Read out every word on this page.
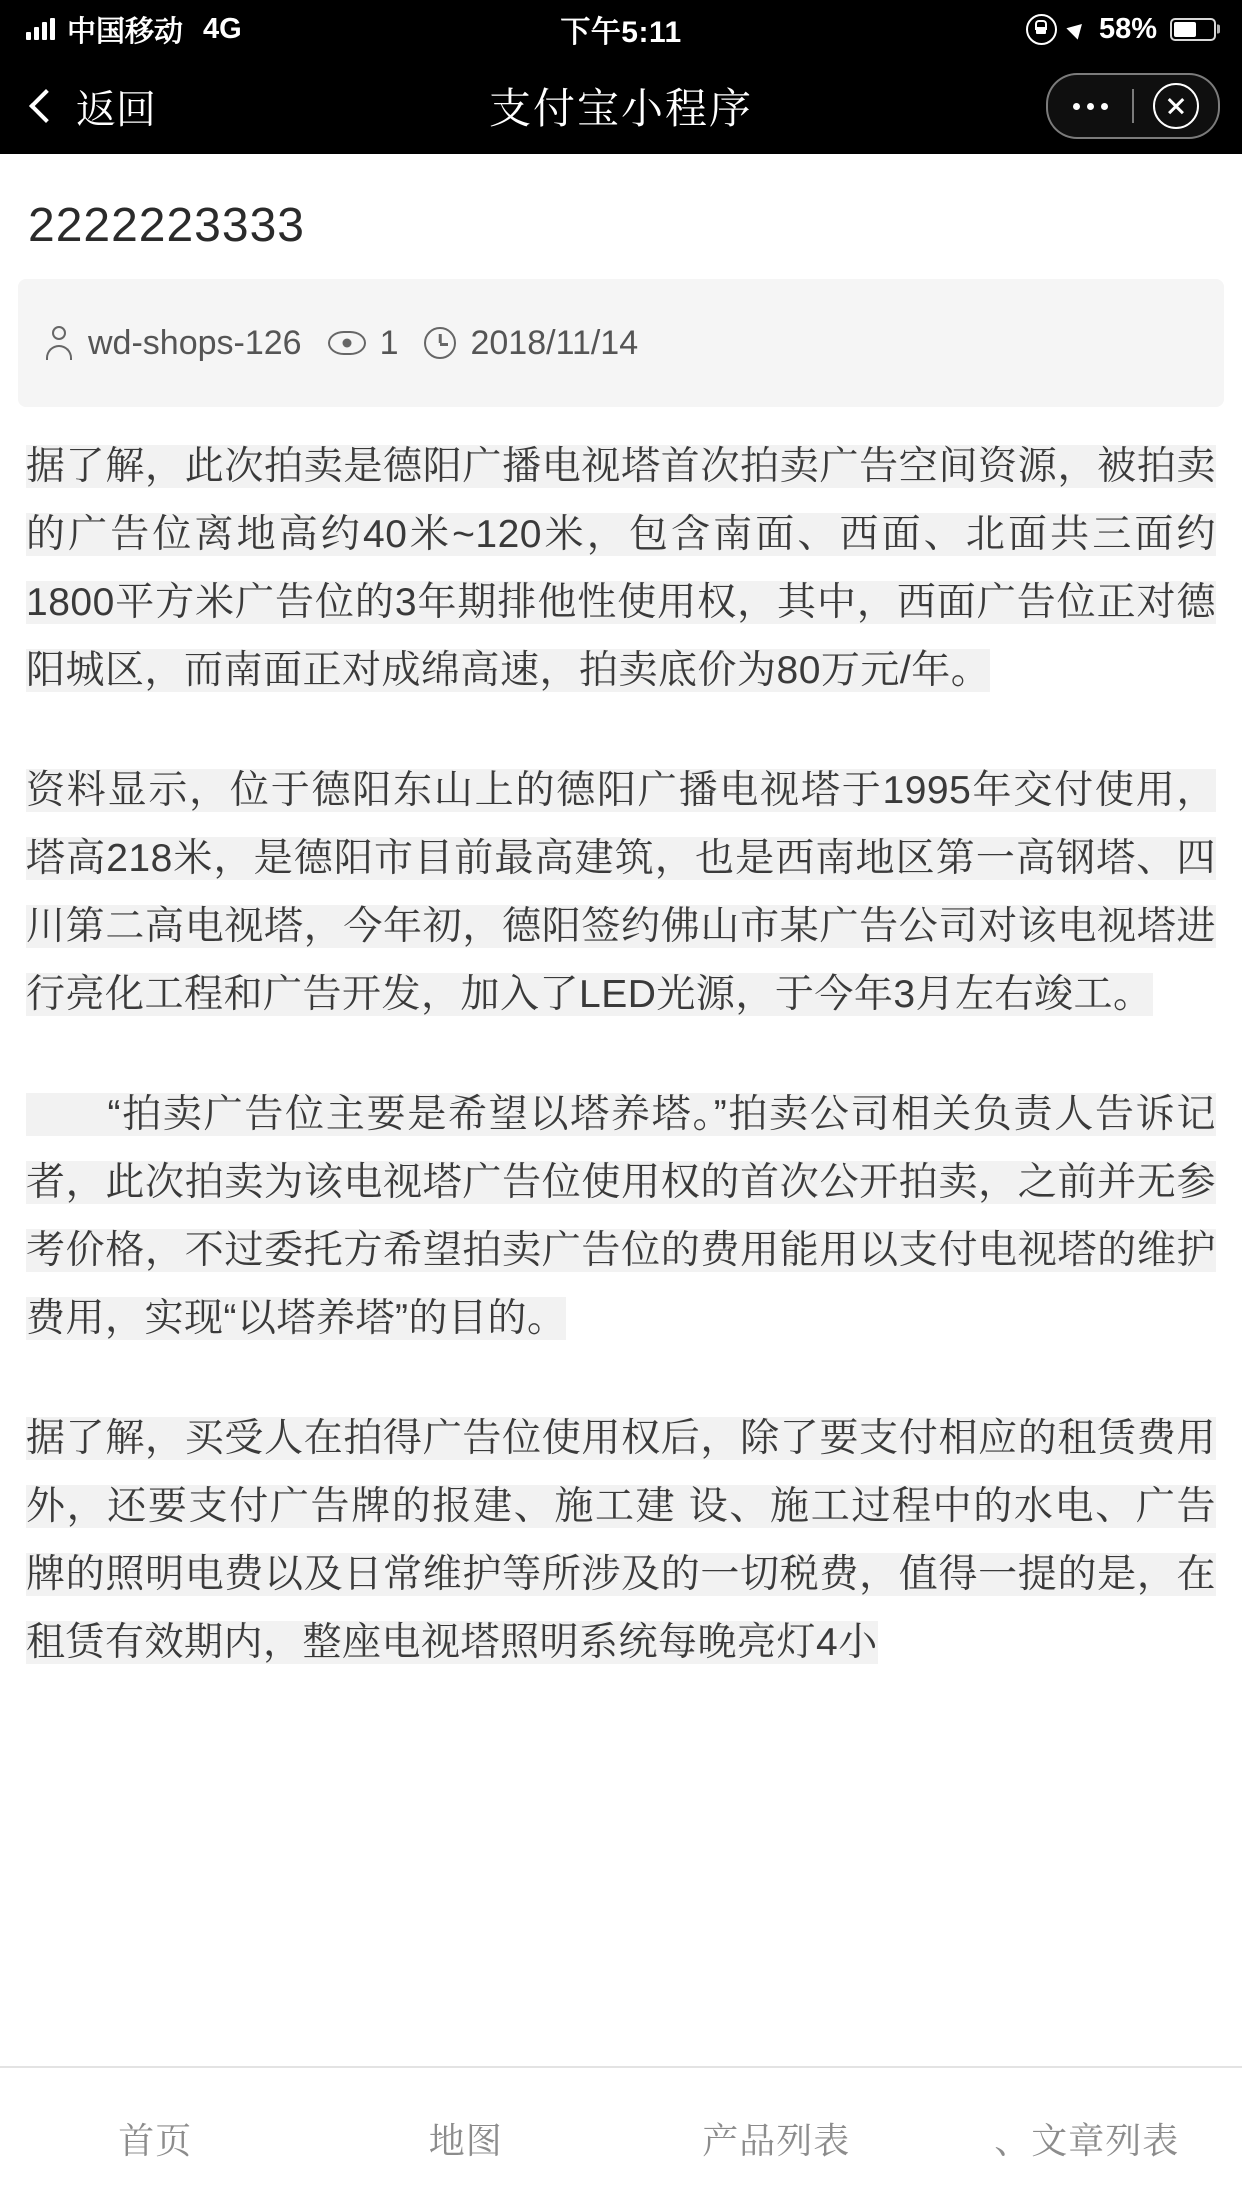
中国移动 4G	下午5:11	58%
返回	支付宝小程序
2222223333
wd-shops-126 1 2018/11/14

据了解，此次拍卖是德阳广播电视塔首次拍卖广告空间资源，被拍卖的广告位离地高约40米~120米，包含南面、西面、北面共三面约1800平方米广告位的3年期排他性使用权，其中，西面广告位正对德阳城区，而南面正对成绵高速，拍卖底价为80万元/年。

资料显示，位于德阳东山上的德阳广播电视塔于1995年交付使用，塔高218米，是德阳市目前最高建筑，也是西南地区第一高钢塔、四川第二高电视塔，今年初，德阳签约佛山市某广告公司对该电视塔进行亮化工程和广告开发，加入了LED光源，于今年3月左右竣工。

　　“拍卖广告位主要是希望以塔养塔。”拍卖公司相关负责人告诉记者，此次拍卖为该电视塔广告位使用权的首次公开拍卖，之前并无参考价格，不过委托方希望拍卖广告位的费用能用以支付电视塔的维护费用，实现“以塔养塔”的目的。

据了解，买受人在拍得广告位使用权后，除了要支付相应的租赁费用外，还要支付广告牌的报建、施工建 设、施工过程中的水电、广告牌的照明电费以及日常维护等所涉及的一切税费，值得一提的是，在租赁有效期内，整座电视塔照明系统每晚亮灯4小

首页	地图	产品列表	、文章列表
